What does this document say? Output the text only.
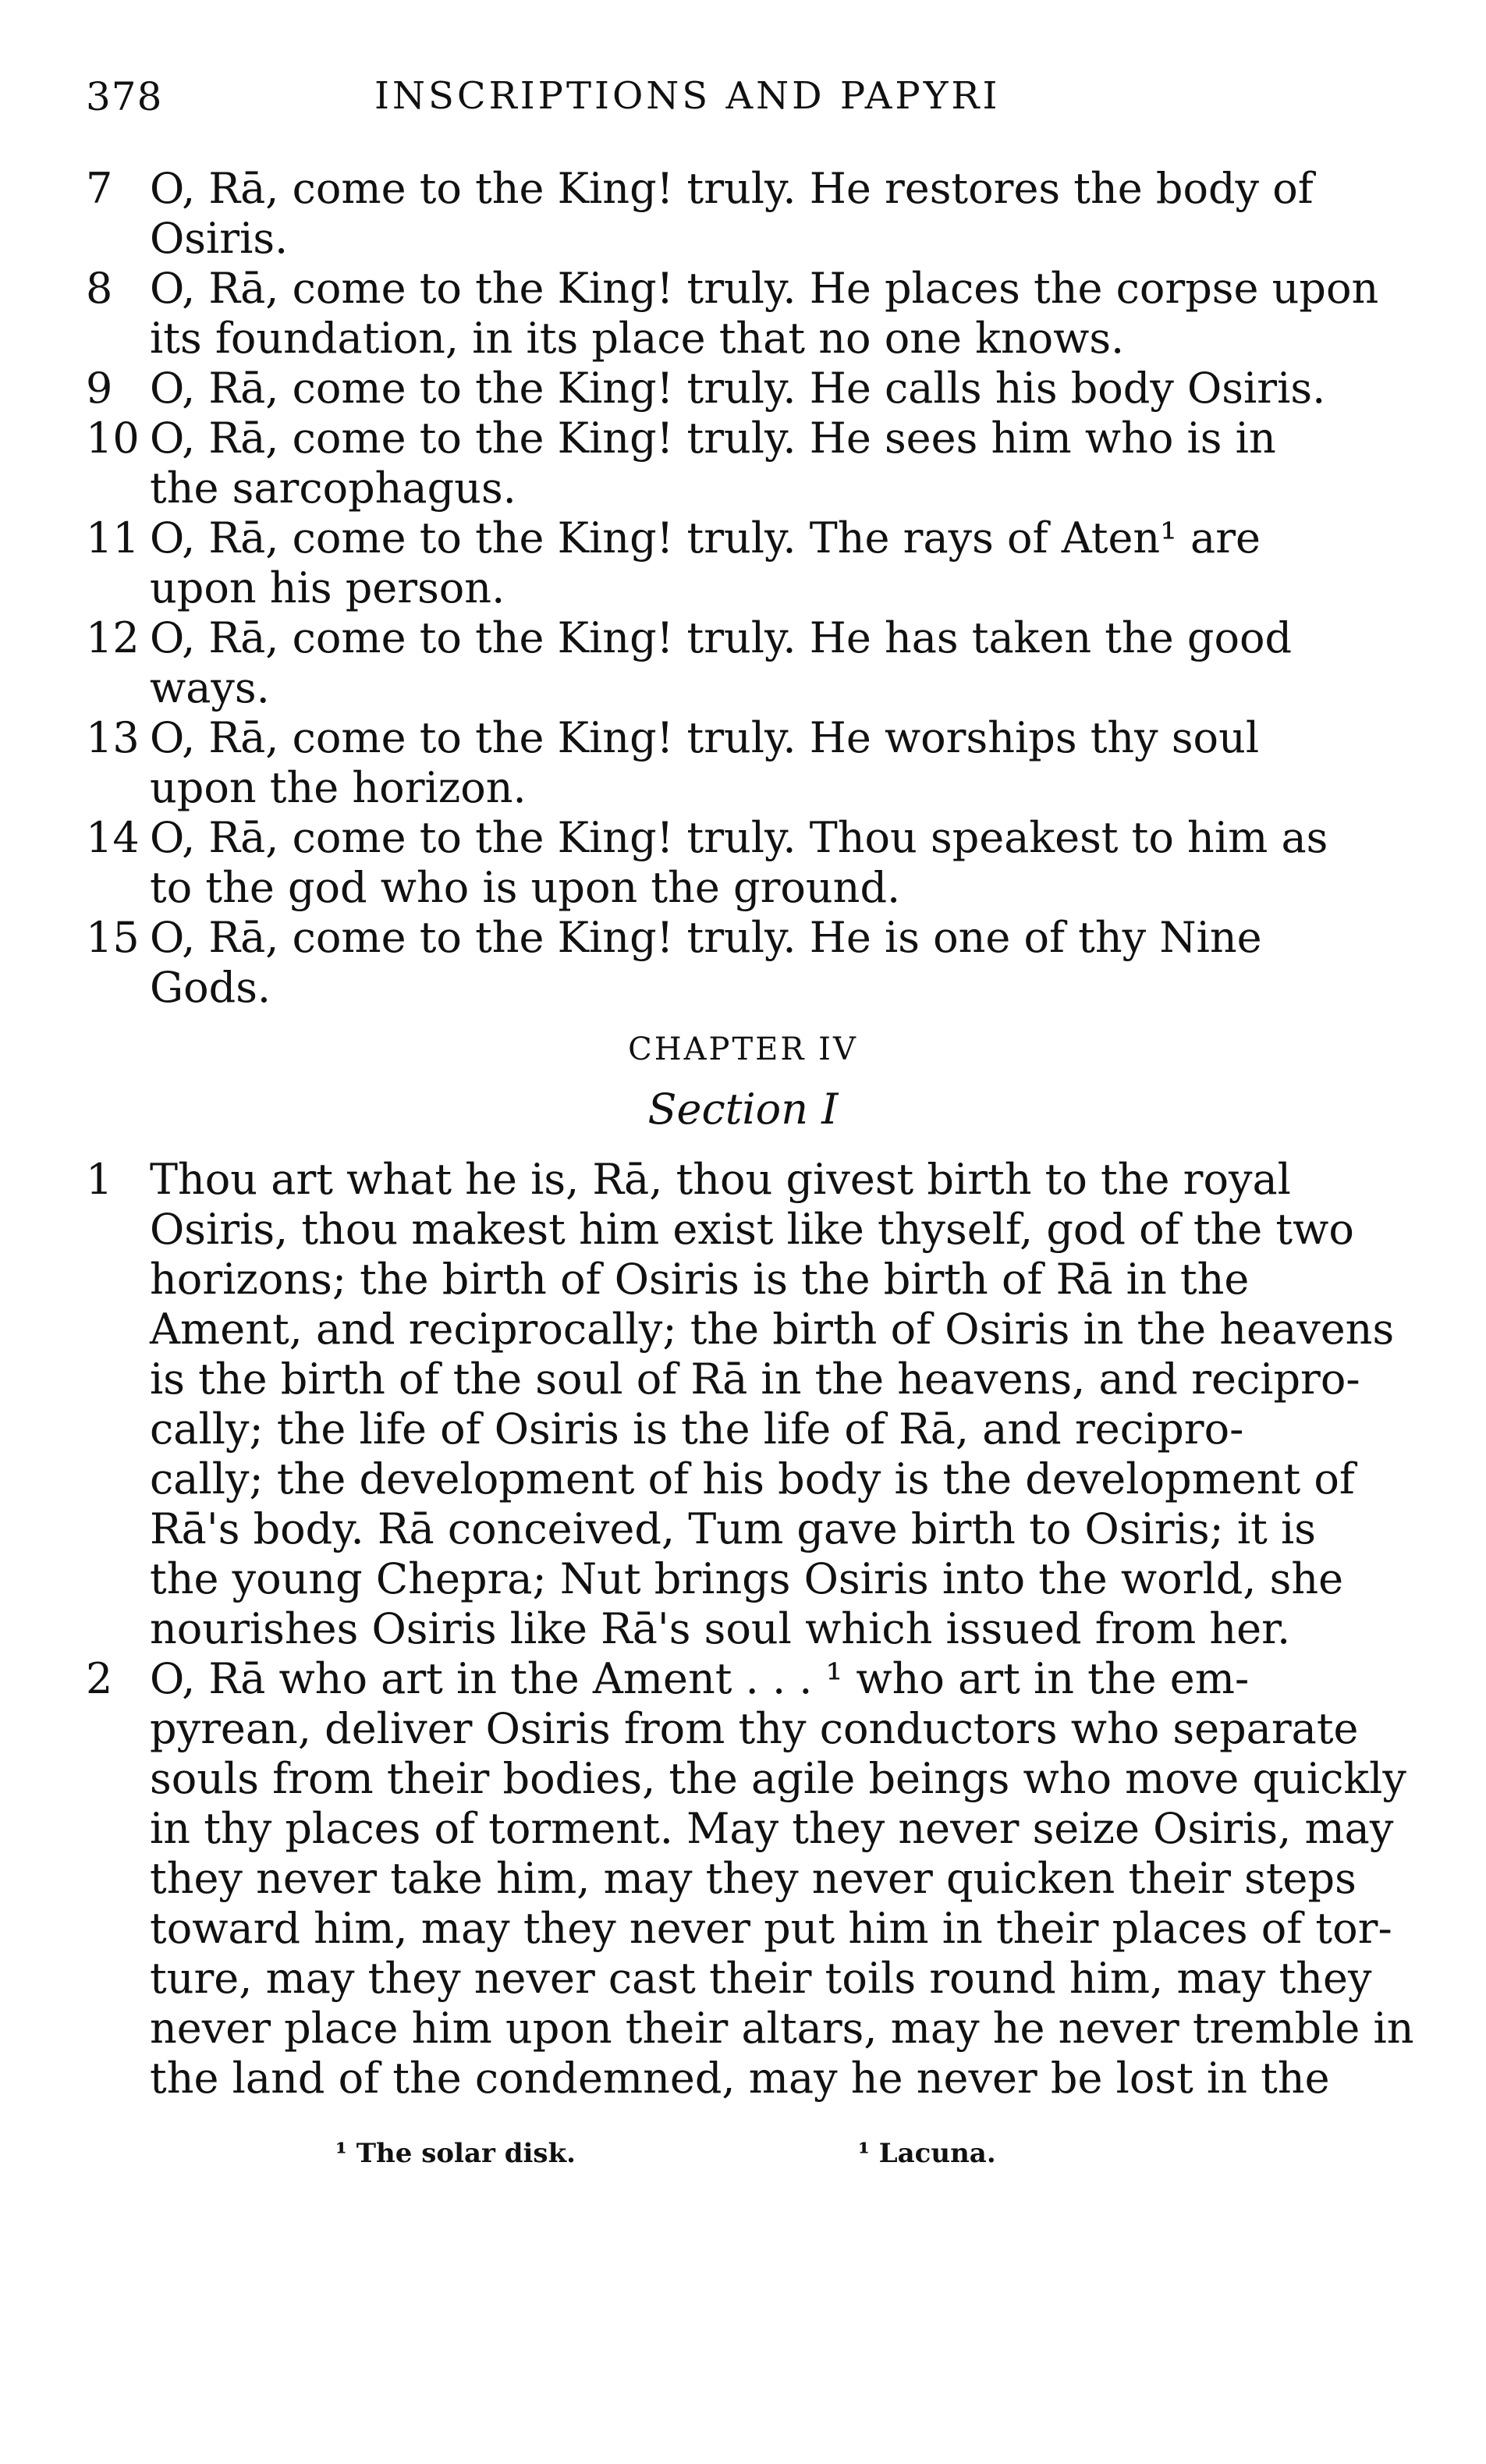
378	INSCRIPTIONS AND PAPYRI
7 O, Rā, come to the King! truly. He restores the body of
Osiris.
8 O, Rā, come to the King! truly. He places the corpse upon
its foundation, in its place that no one knows.
9 O, Rā, come to the King! truly. He calls his body Osiris.
10 O, Rā, come to the King! truly. He sees him who is in
the sarcophagus.
11 O, Rā, come to the King! truly. The rays of Aten¹ are
upon his person.
12 O, Rā, come to the King! truly. He has taken the good
ways.
13 O, Rā, come to the King! truly. He worships thy soul
upon the horizon.
14 O, Rā, come to the King! truly. Thou speakest to him as
to the god who is upon the ground.
15 O, Rā, come to the King! truly. He is one of thy Nine
Gods.
CHAPTER IV
Section I
1 Thou art what he is, Rā, thou givest birth to the royal
Osiris, thou makest him exist like thyself, god of the two
horizons; the birth of Osiris is the birth of Rā in the
Ament, and reciprocally; the birth of Osiris in the heavens
is the birth of the soul of Rā in the heavens, and recipro-
cally; the life of Osiris is the life of Rā, and recipro-
cally; the development of his body is the development of
Rā's body. Rā conceived, Tum gave birth to Osiris; it is
the young Chepra; Nut brings Osiris into the world, she
nourishes Osiris like Rā's soul which issued from her.
2 O, Rā who art in the Ament . . . ¹ who art in the em-
pyrean, deliver Osiris from thy conductors who separate
souls from their bodies, the agile beings who move quickly
in thy places of torment. May they never seize Osiris, may
they never take him, may they never quicken their steps
toward him, may they never put him in their places of tor-
ture, may they never cast their toils round him, may they
never place him upon their altars, may he never tremble in
the land of the condemned, may he never be lost in the
¹ The solar disk.	¹ Lacuna.
